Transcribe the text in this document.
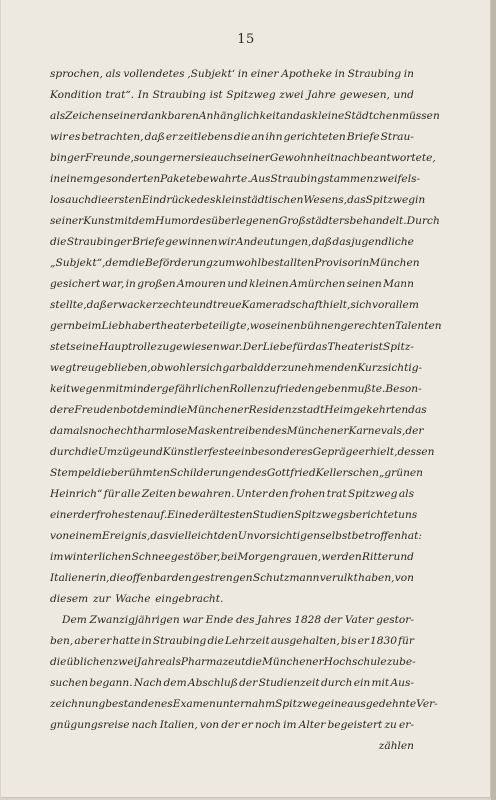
15
sprochen, als vollendetes ‚Subjekt‘ in einer Apotheke in Straubing in
Kondition trat“. In Straubing ist Spitzweg zwei Jahre gewesen, und
als Zeichen seiner dankbaren Anhänglichkeit an das kleine Städtchen müssen
wir es betrachten, daß er zeitlebens die an ihn gerichteten Briefe Strau-
binger Freunde, so ungern er sie auch seiner Gewohnheit nach beantwortete,
in einem gesonderten Pakete bewahrte. Aus Straubing stammen zweifels-
los auch die ersten Eindrücke des kleinstädtischen Wesens, das Spitzweg in
seiner Kunst mit dem Humor des überlegenen Großstädters behandelt. Durch
die Straubinger Briefe gewinnen wir Andeutungen, daß das jugendliche
„Subjekt“, dem die Beförderung zum wohlbestallten Provisor in München
gesichert war, in großen Amouren und kleinen Amürchen seinen Mann
stellte, daß er wacker zechte und treue Kameradschaft hielt, sich vor allem
gern beim Liebhabertheater beteiligte, wo seinen bühnengerechten Talenten
stets eine Hauptrolle zugewiesen war. Der Liebe für das Theater ist Spitz-
weg treu geblieben, obwohl er sich gar bald der zunehmenden Kurzsichtig-
keit wegen mit minder gefährlichen Rollen zufriedengeben mußte. Beson-
dere Freuden bot dem in die Münchener Residenzstadt Heimgekehrten das
damals noch echt harmlose Maskentreiben des Münchener Karnevals, der
durch die Umzüge und Künstlerfeste ein besonderes Gepräge erhielt, dessen
Stempel die berühmten Schilderungen des Gottfried Kellerschen „grünen
Heinrich“ für alle Zeiten bewahren. Unter den frohen trat Spitzweg als
einer der frohesten auf. Eine der ältesten Studien Spitzwegs berichtet uns
von einem Ereignis, das vielleicht den Unvorsichtigen selbst betroffen hat:
im winterlichen Schneegestöber, bei Morgengrauen, werden Ritter und
Italienerin, die offenbar den gestrengen Schutzmann verulkt haben, von
diesem zur Wache eingebracht.
Dem Zwanzigjährigen war Ende des Jahres 1828 der Vater gestor-
ben, aber er hatte in Straubing die Lehrzeit ausgehalten, bis er 1830 für
die üblichen zwei Jahre als Pharmazeut die Münchener Hochschule zu be-
suchen begann. Nach dem Abschluß der Studienzeit durch ein mit Aus-
zeichnung bestandenes Examen unternahm Spitzweg eine ausgedehnte Ver-
gnügungsreise nach Italien, von der er noch im Alter begeistert zu er-
zählen
